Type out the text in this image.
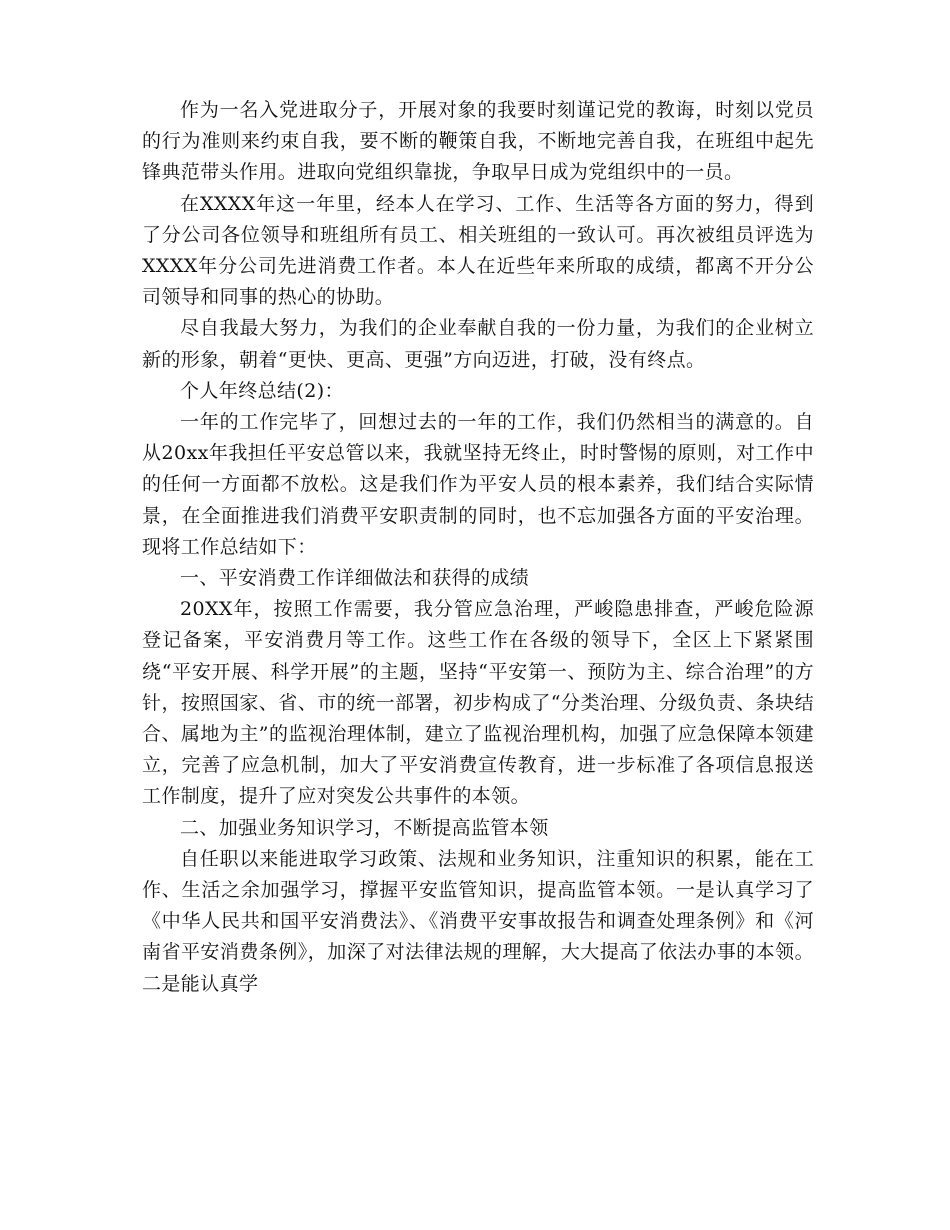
作为一名入党进取分子，开展对象的我要时刻谨记党的教诲，时刻以党员的行为准则来约束自我，要不断的鞭策自我，不断地完善自我，在班组中起先锋典范带头作用。进取向党组织靠拢，争取早日成为党组织中的一员。

在XXXX年这一年里，经本人在学习、工作、生活等各方面的努力，得到了分公司各位领导和班组所有员工、相关班组的一致认可。再次被组员评选为XXXX年分公司先进消费工作者。本人在近些年来所取的成绩，都离不开分公司领导和同事的热心的协助。

尽自我最大努力，为我们的企业奉献自我的一份力量，为我们的企业树立新的形象，朝着“更快、更高、更强”方向迈进，打破，没有终点。

个人年终总结(2)：

一年的工作完毕了，回想过去的一年的工作，我们仍然相当的满意的。自从20xx年我担任平安总管以来，我就坚持无终止，时时警惕的原则，对工作中的任何一方面都不放松。这是我们作为平安人员的根本素养，我们结合实际情景，在全面推进我们消费平安职责制的同时，也不忘加强各方面的平安治理。现将工作总结如下：

一、平安消费工作详细做法和获得的成绩

20XX年，按照工作需要，我分管应急治理，严峻隐患排查，严峻危险源登记备案，平安消费月等工作。这些工作在各级的领导下，全区上下紧紧围绕“平安开展、科学开展”的主题，坚持“平安第一、预防为主、综合治理”的方针，按照国家、省、市的统一部署，初步构成了“分类治理、分级负责、条块结合、属地为主”的监视治理体制，建立了监视治理机构，加强了应急保障本领建立，完善了应急机制，加大了平安消费宣传教育，进一步标准了各项信息报送工作制度，提升了应对突发公共事件的本领。

二、加强业务知识学习，不断提高监管本领

自任职以来能进取学习政策、法规和业务知识，注重知识的积累，能在工作、生活之余加强学习，撑握平安监管知识，提高监管本领。一是认真学习了《中华人民共和国平安消费法》、《消费平安事故报告和调查处理条例》和《河南省平安消费条例》，加深了对法律法规的理解，大大提高了依法办事的本领。二是能认真学
